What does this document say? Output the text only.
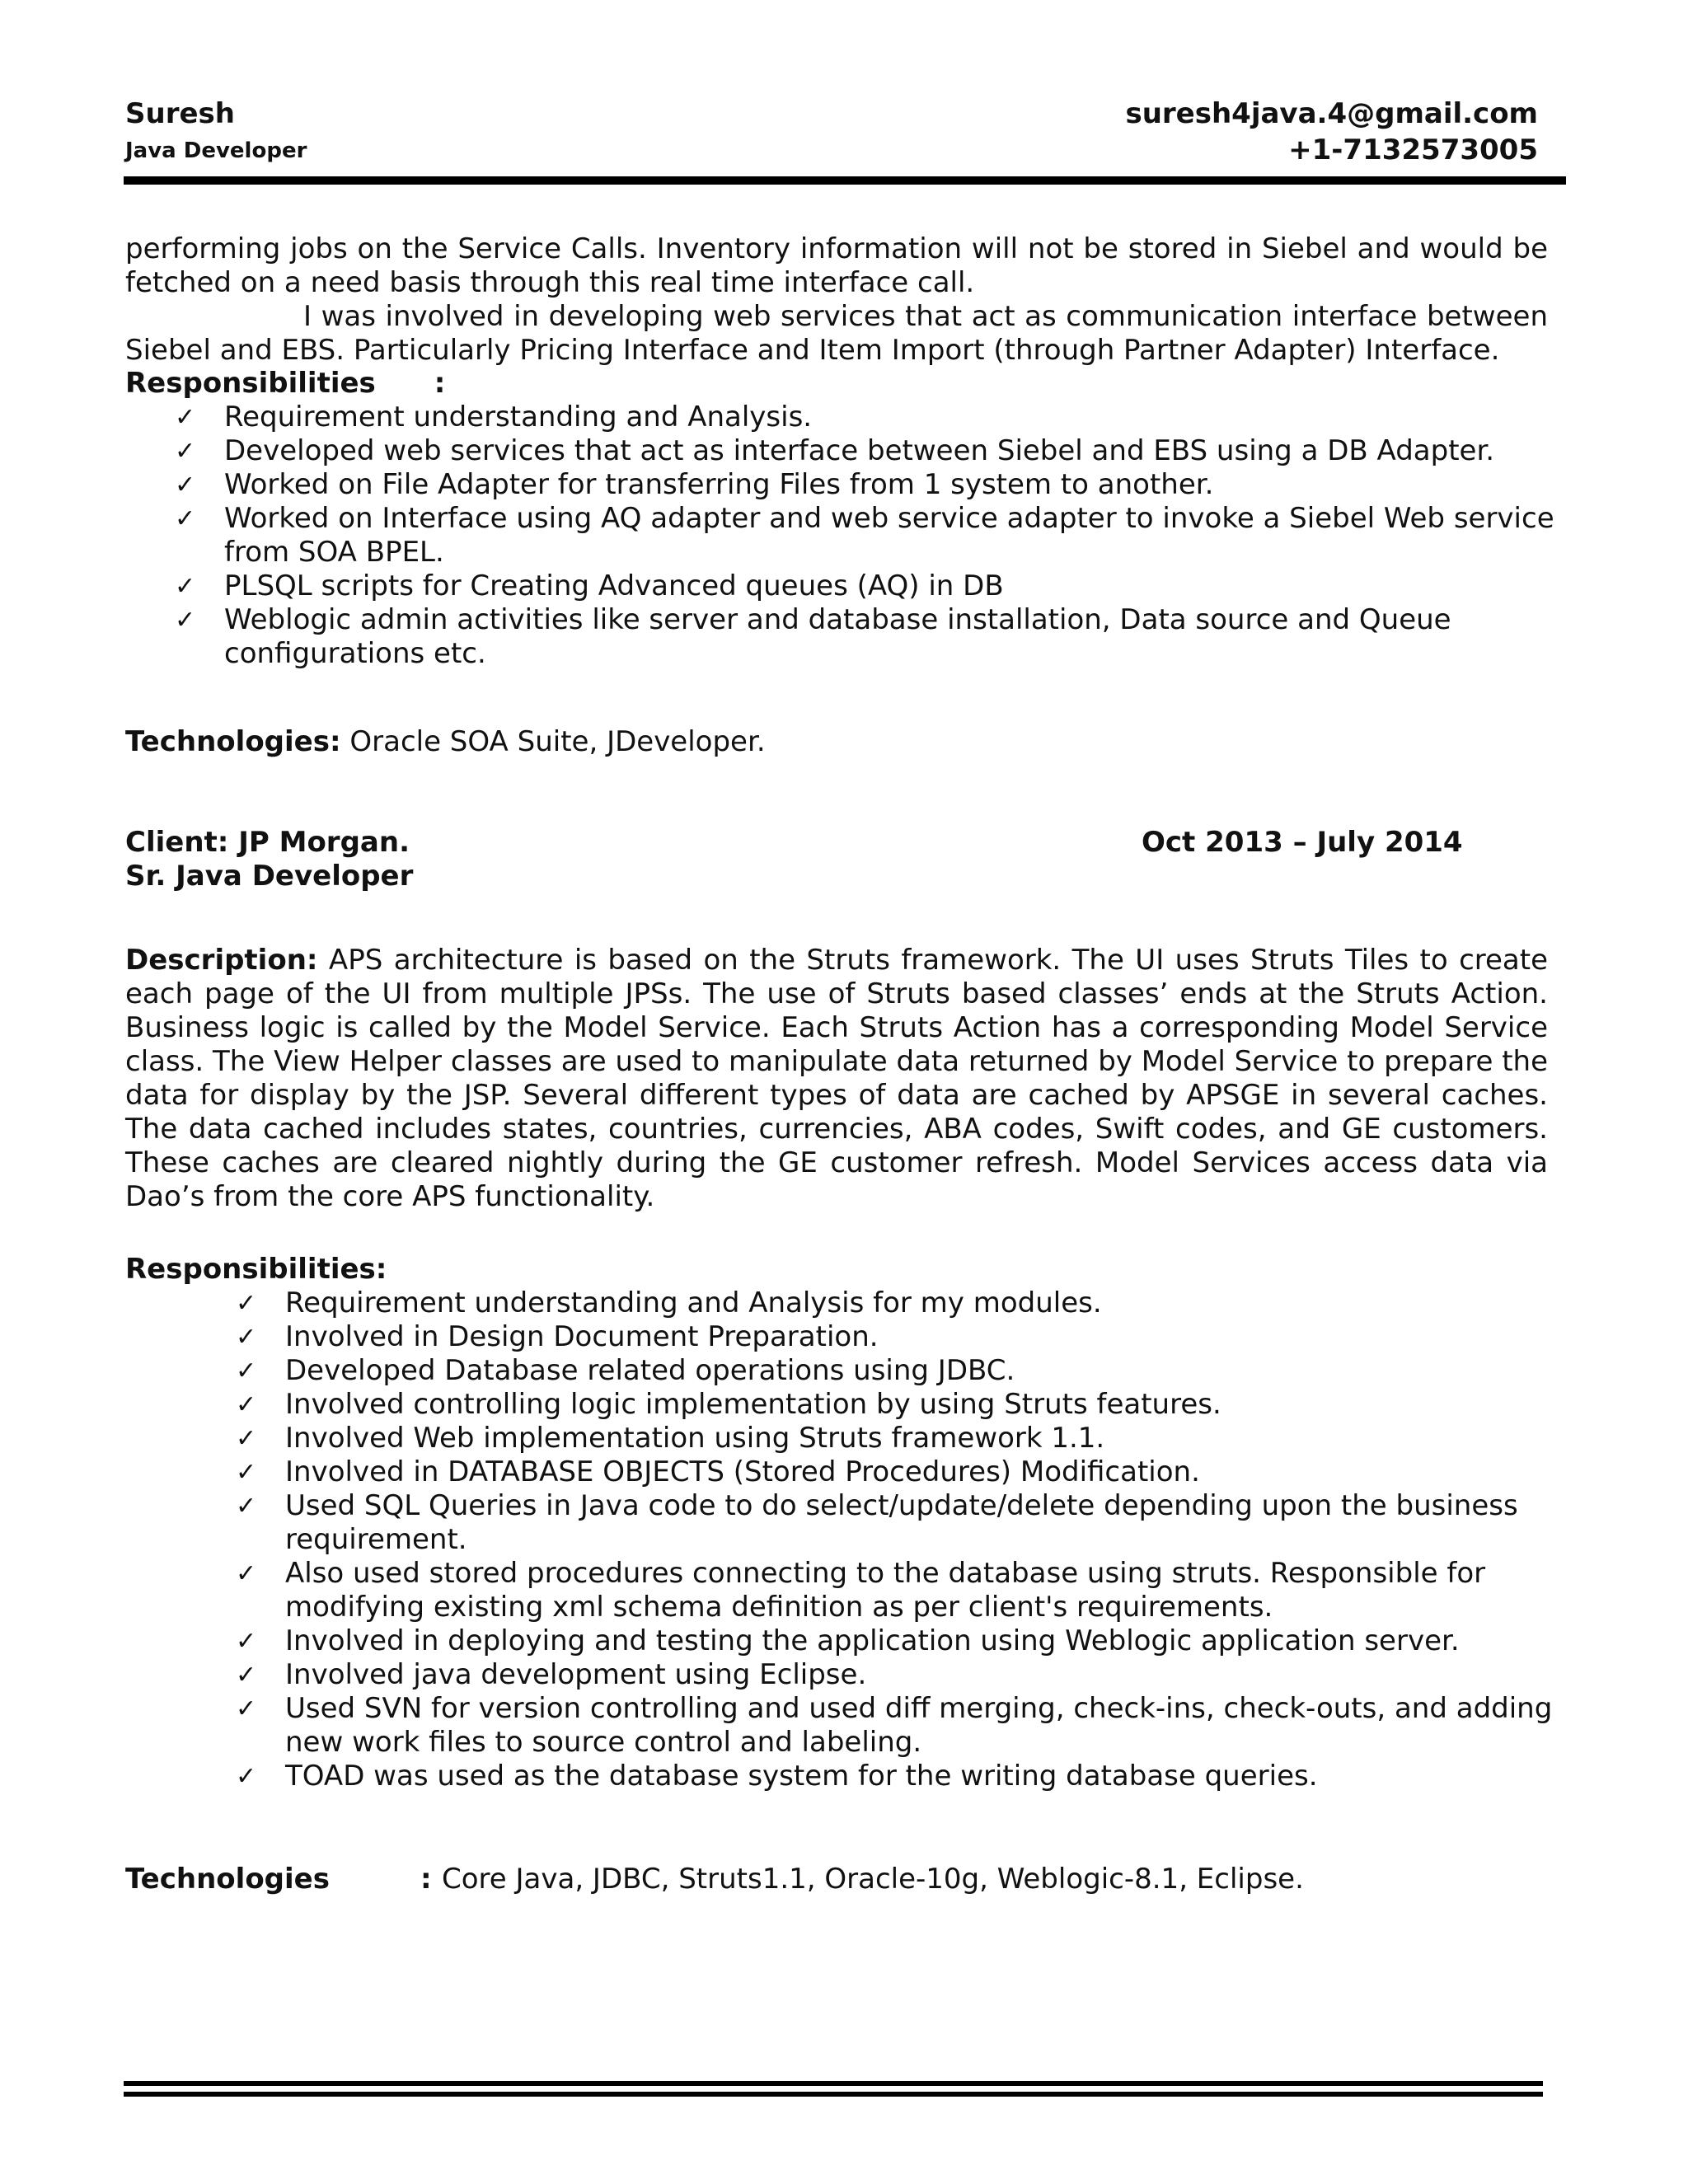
Suresh
Java Developer
suresh4java.4@gmail.com
+1-7132573005

performing jobs on the Service Calls. Inventory information will not be stored in Siebel and would be fetched on a need basis through this real time interface call.

I was involved in developing web services that act as communication interface between Siebel and EBS. Particularly Pricing Interface and Item Import (through Partner Adapter) Interface.

Responsibilities      :
✓ Requirement understanding and Analysis.
✓ Developed web services that act as interface between Siebel and EBS using a DB Adapter.
✓ Worked on File Adapter for transferring Files from 1 system to another.
✓ Worked on Interface using AQ adapter and web service adapter to invoke a Siebel Web service from SOA BPEL.
✓ PLSQL scripts for Creating Advanced queues (AQ) in DB
✓ Weblogic admin activities like server and database installation, Data source and Queue configurations etc.
Technologies: Oracle SOA Suite, JDeveloper.
Client: JP Morgan.
Sr. Java Developer
Oct 2013 – July 2014
Description: APS architecture is based on the Struts framework. The UI uses Struts Tiles to create each page of the UI from multiple JPSs. The use of Struts based classes’ ends at the Struts Action. Business logic is called by the Model Service. Each Struts Action has a corresponding Model Service class. The View Helper classes are used to manipulate data returned by Model Service to prepare the data for display by the JSP. Several different types of data are cached by APSGE in several caches. The data cached includes states, countries, currencies, ABA codes, Swift codes, and GE customers. These caches are cleared nightly during the GE customer refresh. Model Services access data via Dao’s from the core APS functionality.
Responsibilities:
✓ Requirement understanding and Analysis for my modules.
✓ Involved in Design Document Preparation.
✓ Developed Database related operations using JDBC.
✓ Involved controlling logic implementation by using Struts features.
✓ Involved Web implementation using Struts framework 1.1.
✓ Involved in DATABASE OBJECTS (Stored Procedures) Modification.
✓ Used SQL Queries in Java code to do select/update/delete depending upon the business requirement.
✓ Also used stored procedures connecting to the database using struts. Responsible for modifying existing xml schema definition as per client's requirements.
✓ Involved in deploying and testing the application using Weblogic application server.
✓ Involved java development using Eclipse.
✓ Used SVN for version controlling and used diff merging, check-ins, check-outs, and adding new work files to source control and labeling.
✓ TOAD was used as the database system for the writing database queries.
Technologies	: Core Java, JDBC, Struts1.1, Oracle-10g, Weblogic-8.1, Eclipse.
